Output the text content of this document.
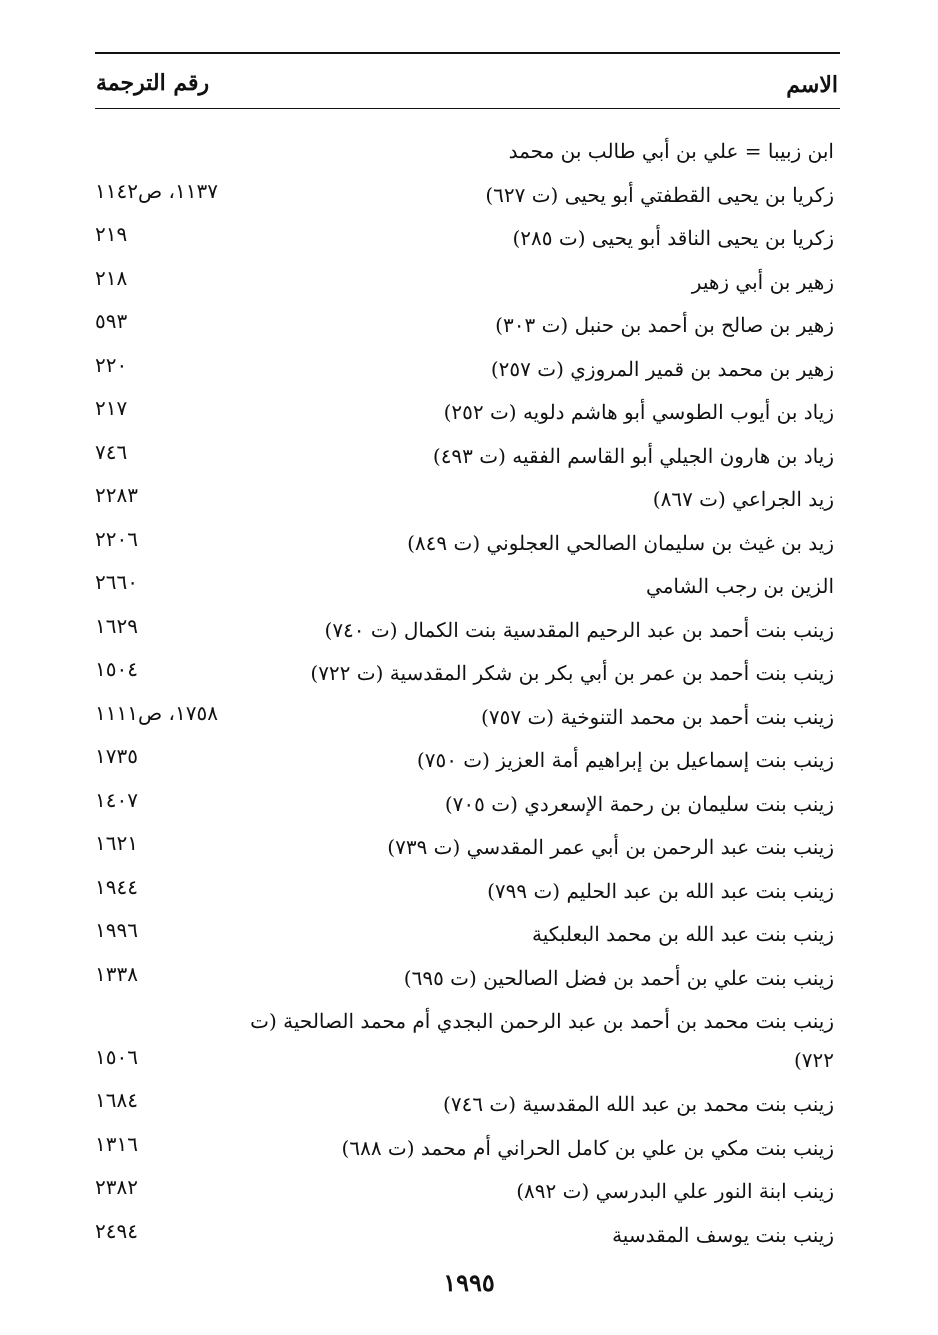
الاسم
رقم الترجمة
ابن زبيبا = علي بن أبي طالب بن محمد
زكريا بن يحيى القطفتي أبو يحيى (ت ٦٢٧)
١١٣٧، ص١١٤٢
زكريا بن يحيى الناقد أبو يحيى (ت ٢٨٥)
٢١٩
زهير بن أبي زهير
٢١٨
زهير بن صالح بن أحمد بن حنبل (ت ٣٠٣)
٥٩٣
زهير بن محمد بن قمير المروزي (ت ٢٥٧)
٢٢٠
زياد بن أيوب الطوسي أبو هاشم دلويه (ت ٢٥٢)
٢١٧
زياد بن هارون الجيلي أبو القاسم الفقيه (ت ٤٩٣)
٧٤٦
زيد الجراعي (ت ٨٦٧)
٢٢٨٣
زيد بن غيث بن سليمان الصالحي العجلوني (ت ٨٤٩)
٢٢٠٦
الزين بن رجب الشامي
٢٦٦٠
زينب بنت أحمد بن عبد الرحيم المقدسية بنت الكمال (ت ٧٤٠)
١٦٢٩
زينب بنت أحمد بن عمر بن أبي بكر بن شكر المقدسية (ت ٧٢٢)
١٥٠٤
زينب بنت أحمد بن محمد التنوخية (ت ٧٥٧)
١٧٥٨، ص١١١١
زينب بنت إسماعيل بن إبراهيم أمة العزيز (ت ٧٥٠)
١٧٣٥
زينب بنت سليمان بن رحمة الإسعردي (ت ٧٠٥)
١٤٠٧
زينب بنت عبد الرحمن بن أبي عمر المقدسي (ت ٧٣٩)
١٦٢١
زينب بنت عبد الله بن عبد الحليم (ت ٧٩٩)
١٩٤٤
زينب بنت عبد الله بن محمد البعلبكية
١٩٩٦
زينب بنت علي بن أحمد بن فضل الصالحين (ت ٦٩٥)
١٣٣٨
زينب بنت محمد بن أحمد بن عبد الرحمن البجدي أم محمد الصالحية (ت ٧٢٢)
١٥٠٦
زينب بنت محمد بن عبد الله المقدسية (ت ٧٤٦)
١٦٨٤
زينب بنت مكي بن علي بن كامل الحراني أم محمد (ت ٦٨٨)
١٣١٦
زينب ابنة النور علي البدرسي (ت ٨٩٢)
٢٣٨٢
زينب بنت يوسف المقدسية
٢٤٩٤
١٩٩٥
